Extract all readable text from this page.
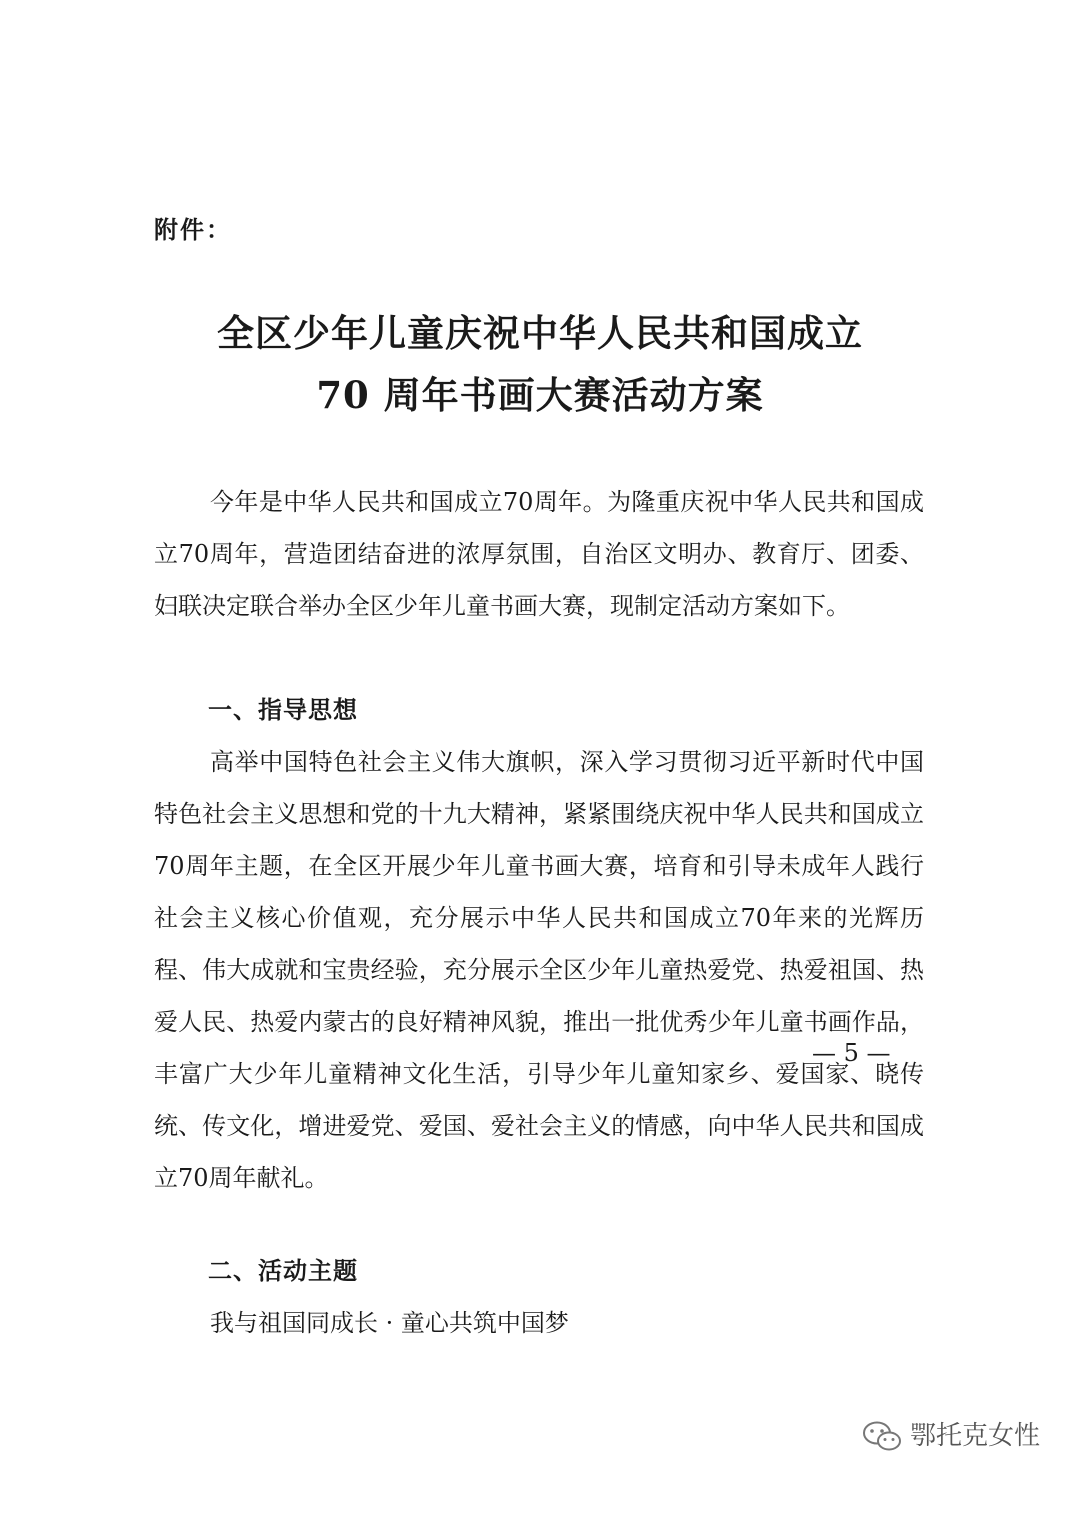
附件：
全区少年儿童庆祝中华人民共和国成立
70 周年书画大赛活动方案
今年是中华人民共和国成立70周年。为隆重庆祝中华人民共和国成立70周年，营造团结奋进的浓厚氛围，自治区文明办、教育厅、团委、妇联决定联合举办全区少年儿童书画大赛，现制定活动方案如下。
一、指导思想
高举中国特色社会主义伟大旗帜，深入学习贯彻习近平新时代中国特色社会主义思想和党的十九大精神，紧紧围绕庆祝中华人民共和国成立70周年主题，在全区开展少年儿童书画大赛，培育和引导未成年人践行社会主义核心价值观，充分展示中华人民共和国成立70年来的光辉历程、伟大成就和宝贵经验，充分展示全区少年儿童热爱党、热爱祖国、热爱人民、热爱内蒙古的良好精神风貌，推出一批优秀少年儿童书画作品，丰富广大少年儿童精神文化生活，引导少年儿童知家乡、爱国家、晓传统、传文化，增进爱党、爱国、爱社会主义的情感，向中华人民共和国成立70周年献礼。
二、活动主题
我与祖国同成长 · 童心共筑中国梦
— 5 —
鄂托克女性
